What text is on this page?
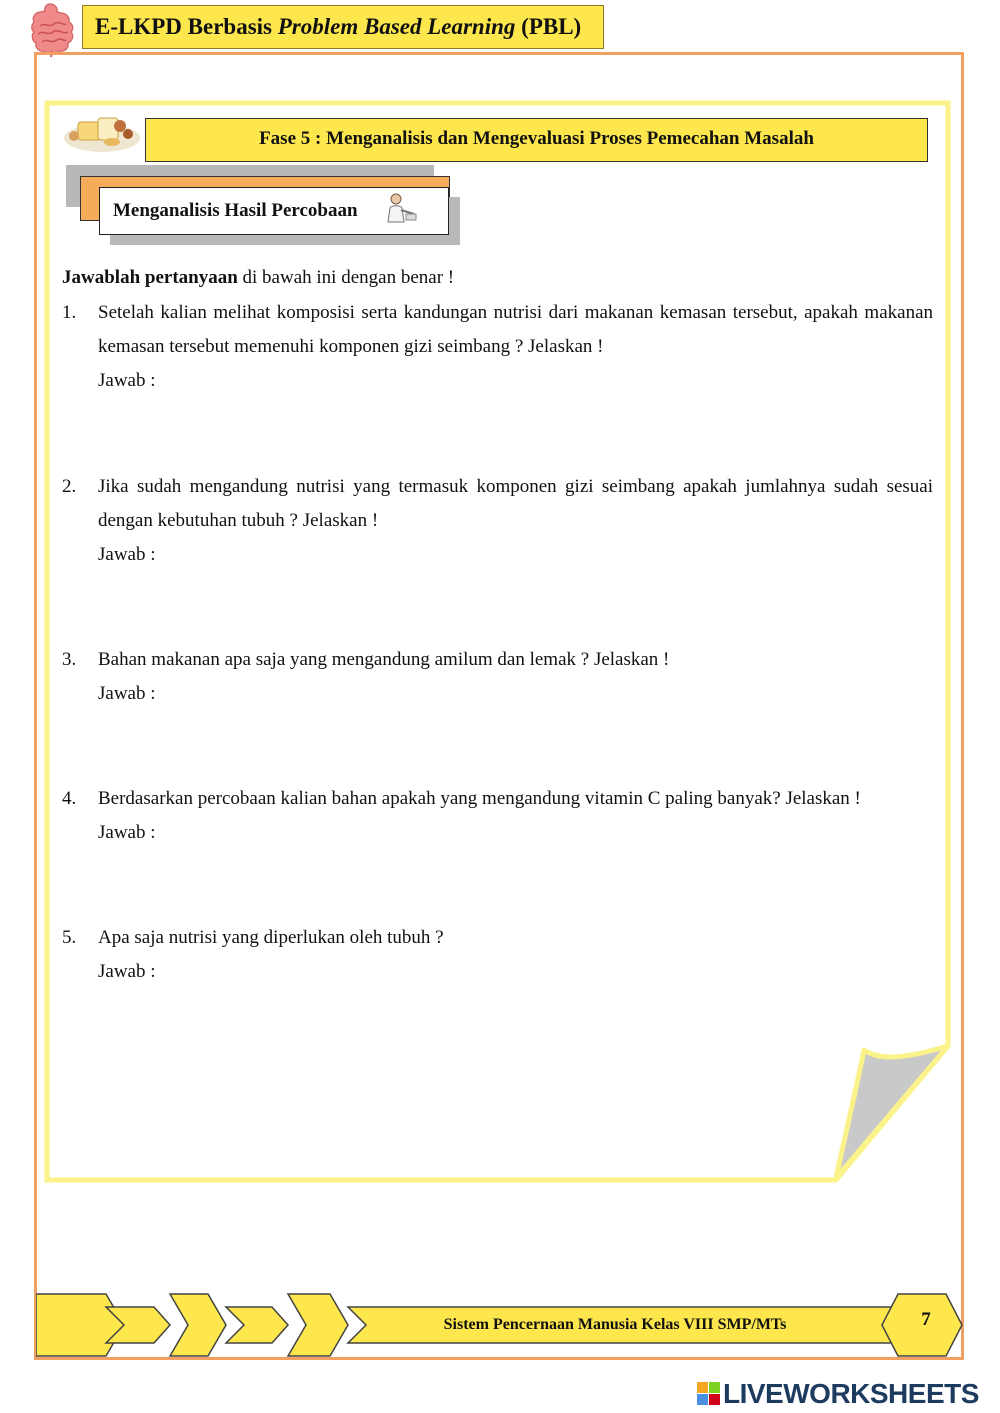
E-LKPD Berbasis Problem Based Learning (PBL)
Fase 5 : Menganalisis dan Mengevaluasi Proses Pemecahan Masalah
Menganalisis Hasil Percobaan
Jawablah pertanyaan di bawah ini dengan benar !
1. Setelah kalian melihat komposisi serta kandungan nutrisi dari makanan kemasan tersebut, apakah makanan kemasan tersebut memenuhi komponen gizi seimbang ? Jelaskan !
Jawab :
2. Jika sudah mengandung nutrisi yang termasuk komponen gizi seimbang apakah jumlahnya sudah sesuai dengan kebutuhan tubuh ? Jelaskan !
Jawab :
3. Bahan makanan apa saja yang mengandung amilum dan lemak ? Jelaskan !
Jawab :
4. Berdasarkan percobaan kalian bahan apakah yang mengandung vitamin C paling banyak? Jelaskan !
Jawab :
5. Apa saja nutrisi yang diperlukan oleh tubuh ?
Jawab :
Sistem Pencernaan Manusia Kelas VIII SMP/MTs	7
LIVEWORKSHEETS
